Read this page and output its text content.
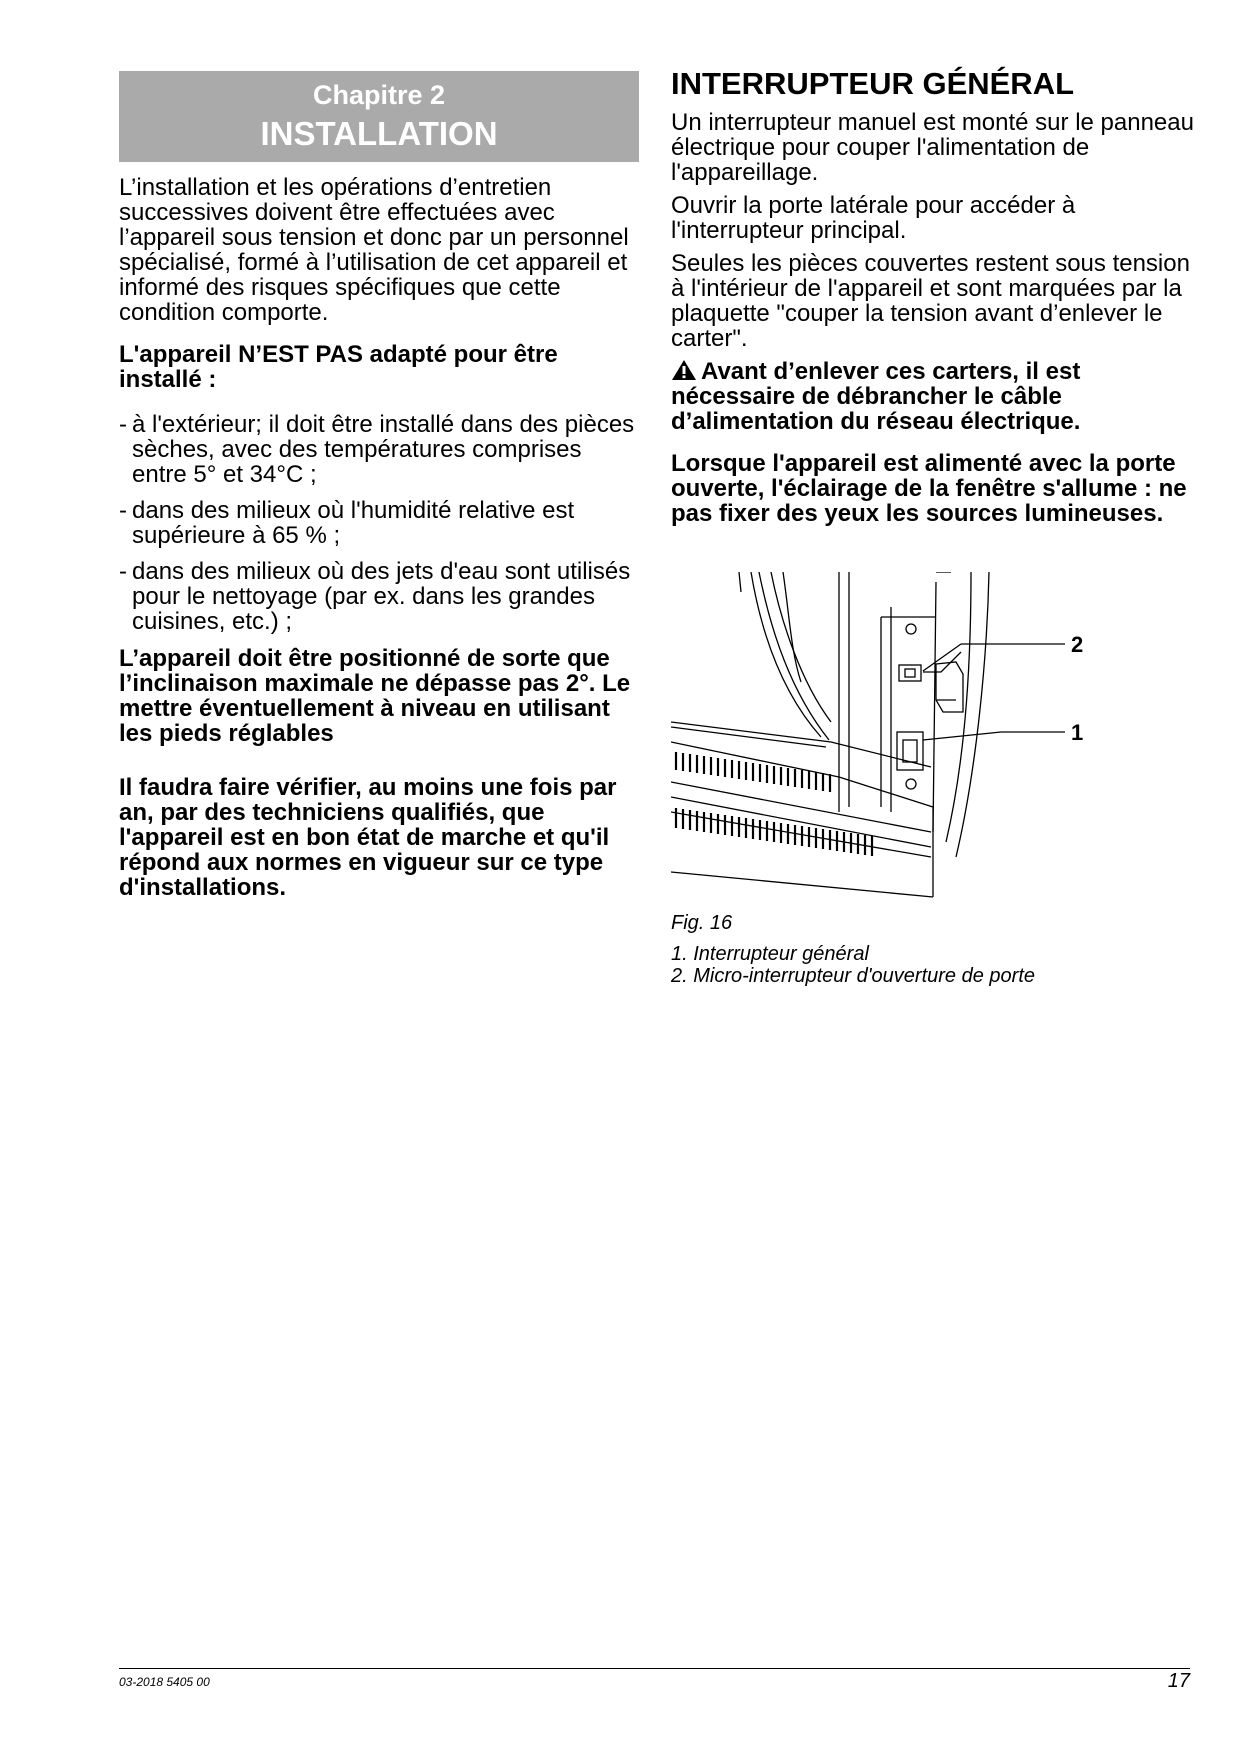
Chapitre 2
INSTALLATION

L’installation et les opérations d’entretien successives doivent être effectuées avec l’appareil sous tension et donc par un personnel spécialisé, formé à l’utilisation de cet appareil et informé des risques spécifiques que cette condition comporte.

L'appareil N’EST PAS adapté pour être installé :

- à l'extérieur; il doit être installé dans des pièces sèches, avec des températures comprises entre 5° et 34°C ;
- dans des milieux où l'humidité relative est supérieure à 65 % ;
- dans des milieux où des jets d'eau sont utilisés pour le nettoyage (par ex. dans les grandes cuisines, etc.) ;

L’appareil doit être positionné de sorte que l’inclinaison maximale ne dépasse pas 2°. Le mettre éventuellement à niveau en utilisant les pieds réglables

Il faudra faire vérifier, au moins une fois par an, par des techniciens qualifiés, que l'appareil est en bon état de marche et qu'il répond aux normes en vigueur sur ce type d'installations.

INTERRUPTEUR GÉNÉRAL

Un interrupteur manuel est monté sur le panneau électrique pour couper l'alimentation de l'appareillage.

Ouvrir la porte latérale pour accéder à l'interrupteur principal.

Seules les pièces couvertes restent sous tension à l'intérieur de l'appareil et sont marquées par la plaquette "couper la tension avant d’enlever le carter".

Avant d’enlever ces carters, il est nécessaire de débrancher le câble d’alimentation du réseau électrique.

Lorsque l'appareil est alimenté avec la porte ouverte, l'éclairage de la fenêtre s'allume : ne pas fixer des yeux les sources lumineuses.

2
1
Fig. 16
1. Interrupteur général
2. Micro-interrupteur d'ouverture de porte
03-2018 5405 00	17
